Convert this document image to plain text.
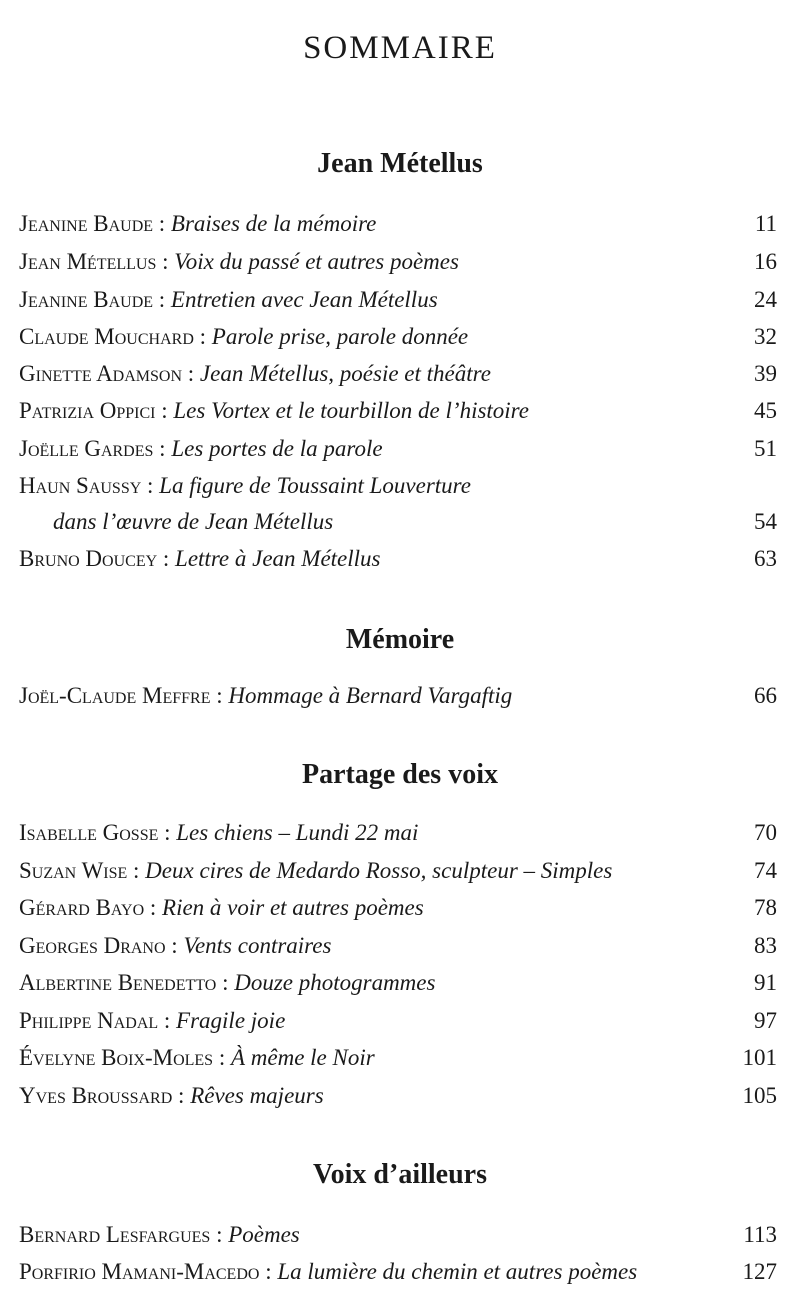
SOMMAIRE
Jean Métellus
Jeanine Baude : Braises de la mémoire	11
Jean Métellus : Voix du passé et autres poèmes	16
Jeanine Baude : Entretien avec Jean Métellus	24
Claude Mouchard : Parole prise, parole donnée	32
Ginette Adamson : Jean Métellus, poésie et théâtre	39
Patrizia Oppici : Les Vortex et le tourbillon de l’histoire	45
Joëlle Gardes : Les portes de la parole	51
Haun Saussy : La figure de Toussaint Louverture
dans l’œuvre de Jean Métellus	54
Bruno Doucey : Lettre à Jean Métellus	63
Mémoire
Joël-Claude Meffre : Hommage à Bernard Vargaftig	66
Partage des voix
Isabelle Gosse : Les chiens – Lundi 22 mai	70
Suzan Wise : Deux cires de Medardo Rosso, sculpteur – Simples	74
Gérard Bayo : Rien à voir et autres poèmes	78
Georges Drano : Vents contraires	83
Albertine Benedetto : Douze photogrammes	91
Philippe Nadal : Fragile joie	97
Évelyne Boix-Moles : À même le Noir	101
Yves Broussard : Rêves majeurs	105
Voix d’ailleurs
Bernard Lesfargues : Poèmes	113
Porfirio Mamani-Macedo : La lumière du chemin et autres poèmes	127
